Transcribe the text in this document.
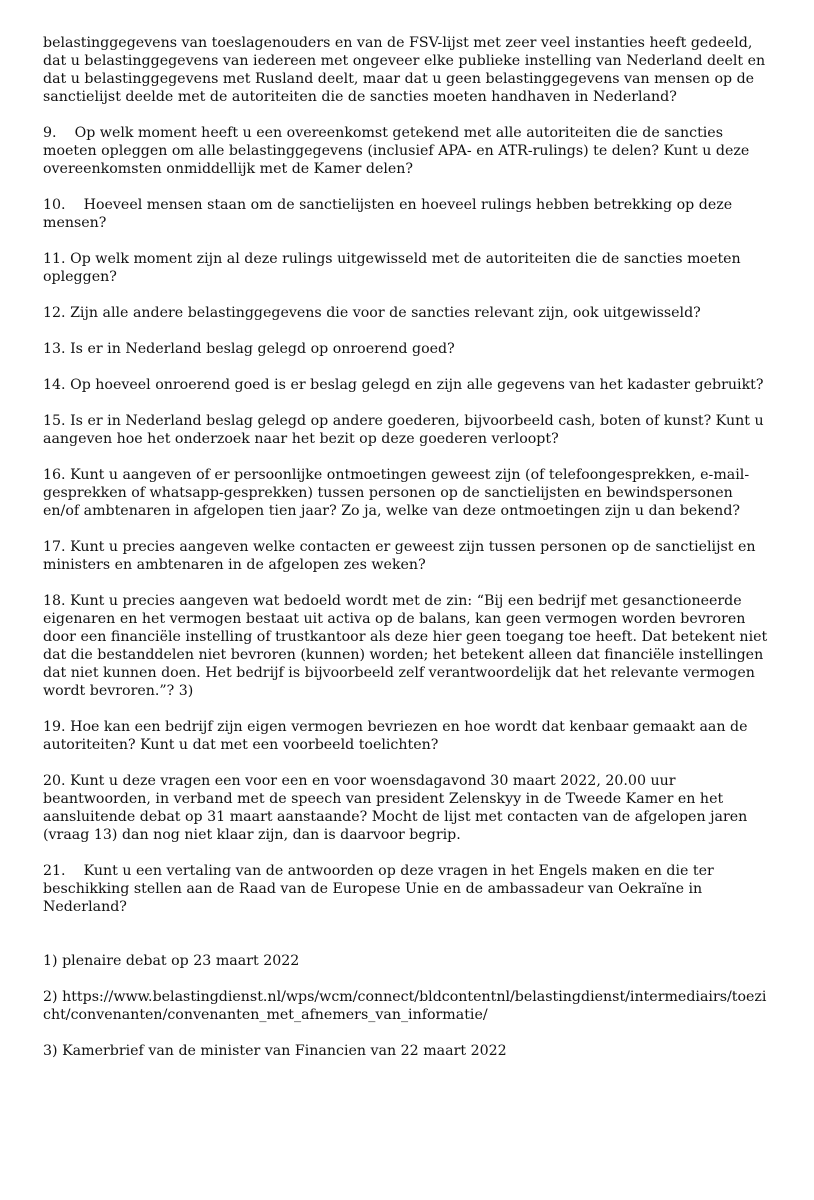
belastinggegevens van toeslagenouders en van de FSV-lijst met zeer veel instanties heeft gedeeld, dat u belastinggegevens van iedereen met ongeveer elke publieke instelling van Nederland deelt en dat u belastinggegevens met Rusland deelt, maar dat u geen belastinggegevens van mensen op de sanctielijst deelde met de autoriteiten die de sancties moeten handhaven in Nederland?

9.    Op welk moment heeft u een overeenkomst getekend met alle autoriteiten die de sancties moeten opleggen om alle belastinggegevens (inclusief APA- en ATR-rulings) te delen? Kunt u deze overeenkomsten onmiddellijk met de Kamer delen?

10.    Hoeveel mensen staan om de sanctielijsten en hoeveel rulings hebben betrekking op deze mensen?

11. Op welk moment zijn al deze rulings uitgewisseld met de autoriteiten die de sancties moeten opleggen?

12. Zijn alle andere belastinggegevens die voor de sancties relevant zijn, ook uitgewisseld?

13. Is er in Nederland beslag gelegd op onroerend goed?

14. Op hoeveel onroerend goed is er beslag gelegd en zijn alle gegevens van het kadaster gebruikt?

15. Is er in Nederland beslag gelegd op andere goederen, bijvoorbeeld cash, boten of kunst? Kunt u aangeven hoe het onderzoek naar het bezit op deze goederen verloopt?

16. Kunt u aangeven of er persoonlijke ontmoetingen geweest zijn (of telefoongesprekken, e-mail-gesprekken of whatsapp-gesprekken) tussen personen op de sanctielijsten en bewindspersonen en/of ambtenaren in afgelopen tien jaar? Zo ja, welke van deze ontmoetingen zijn u dan bekend?

17. Kunt u precies aangeven welke contacten er geweest zijn tussen personen op de sanctielijst en ministers en ambtenaren in de afgelopen zes weken?

18. Kunt u precies aangeven wat bedoeld wordt met de zin: “Bij een bedrijf met gesanctioneerde eigenaren en het vermogen bestaat uit activa op de balans, kan geen vermogen worden bevroren door een financiële instelling of trustkantoor als deze hier geen toegang toe heeft. Dat betekent niet dat die bestanddelen niet bevroren (kunnen) worden; het betekent alleen dat financiële instellingen dat niet kunnen doen. Het bedrijf is bijvoorbeeld zelf verantwoordelijk dat het relevante vermogen wordt bevroren.”? 3)

19. Hoe kan een bedrijf zijn eigen vermogen bevriezen en hoe wordt dat kenbaar gemaakt aan de autoriteiten? Kunt u dat met een voorbeeld toelichten?

20. Kunt u deze vragen een voor een en voor woensdagavond 30 maart 2022, 20.00 uur beantwoorden, in verband met de speech van president Zelenskyy in de Tweede Kamer en het aansluitende debat op 31 maart aanstaande? Mocht de lijst met contacten van de afgelopen jaren (vraag 13) dan nog niet klaar zijn, dan is daarvoor begrip.

21.    Kunt u een vertaling van de antwoorden op deze vragen in het Engels maken en die ter beschikking stellen aan de Raad van de Europese Unie en de ambassadeur van Oekraïne in Nederland?

1) plenaire debat op 23 maart 2022

2) https://www.belastingdienst.nl/wps/wcm/connect/bldcontentnl/belastingdienst/intermediairs/toezicht/convenanten/convenanten_met_afnemers_van_informatie/

3) Kamerbrief van de minister van Financien van 22 maart 2022
